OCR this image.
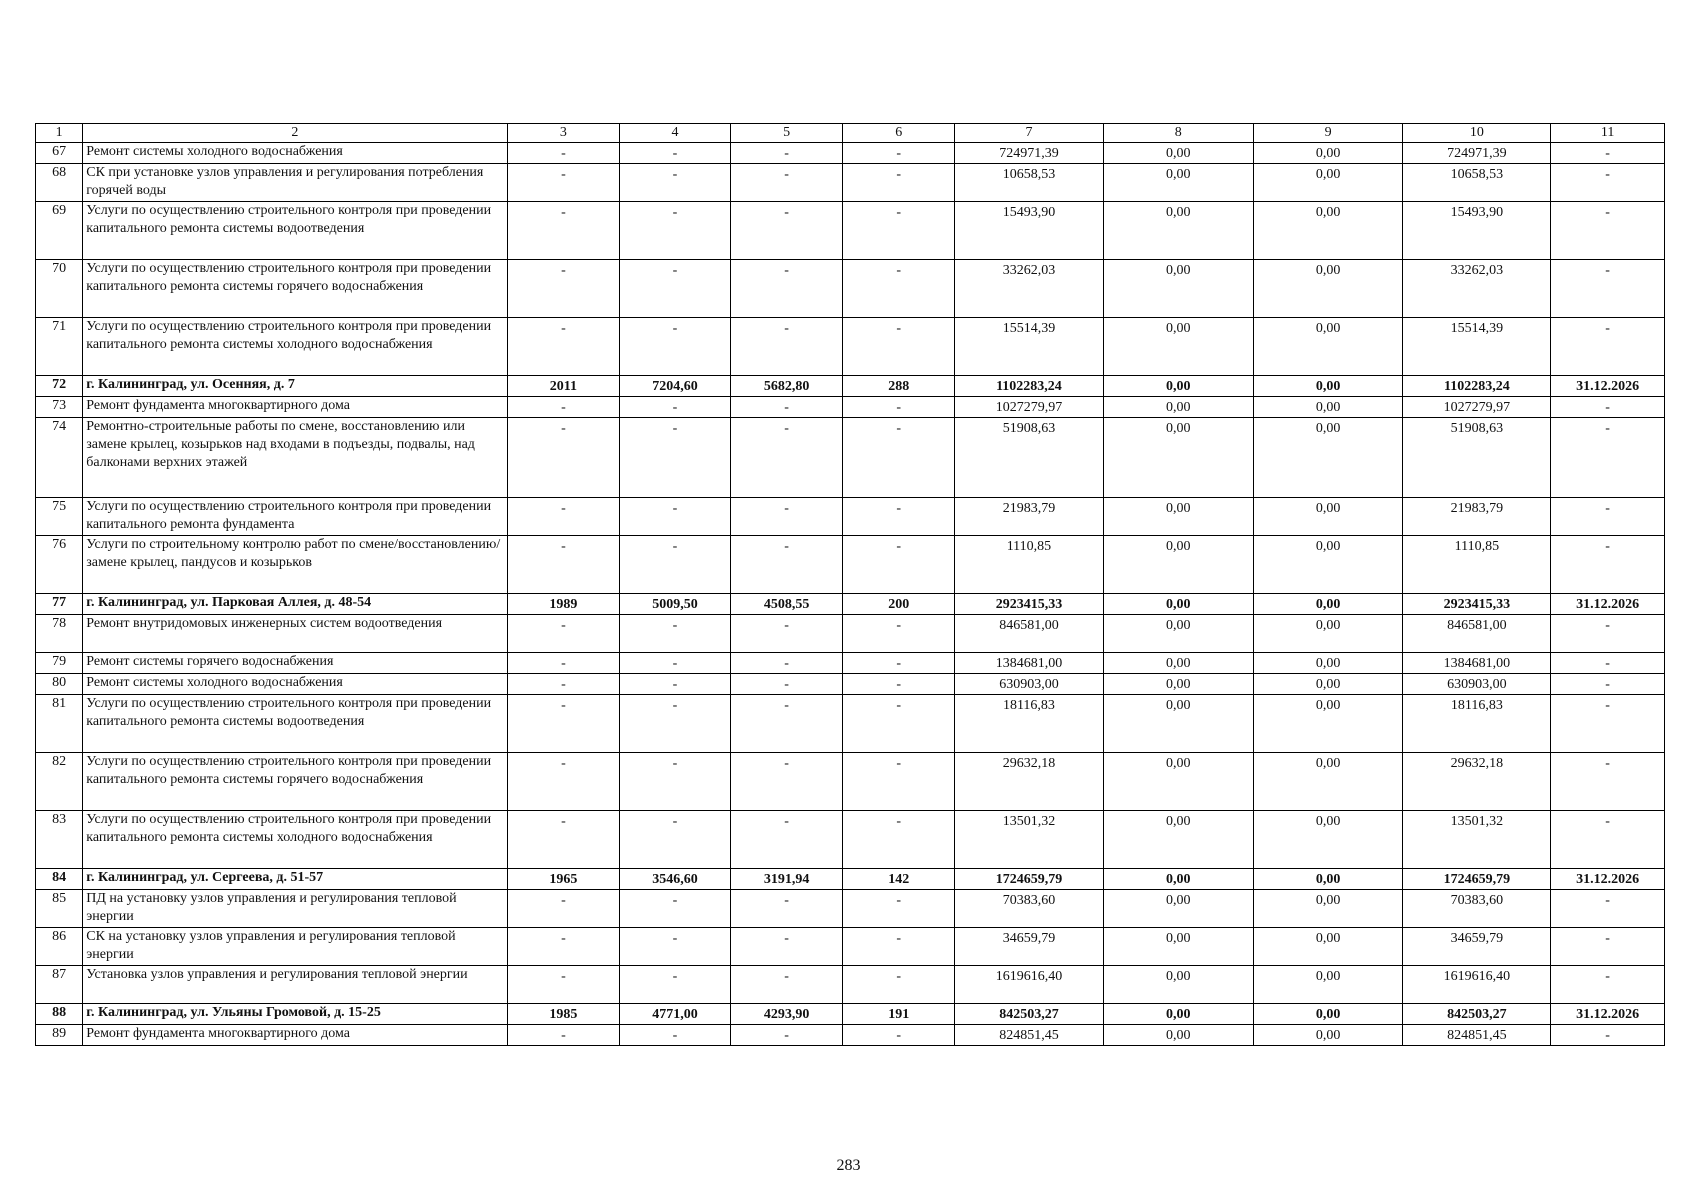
1	2	3	4	5	6	7	8	9	10	11
67	Ремонт системы холодного водоснабжения	-	-	-	-	724971,39	0,00	0,00	724971,39	-
68	СК при установке узлов управления и регулирования потребления горячей воды	-	-	-	-	10658,53	0,00	0,00	10658,53	-
69	Услуги по осуществлению строительного контроля при проведении капитального ремонта системы водоотведения	-	-	-	-	15493,90	0,00	0,00	15493,90	-
70	Услуги по осуществлению строительного контроля при проведении капитального ремонта системы горячего водоснабжения	-	-	-	-	33262,03	0,00	0,00	33262,03	-
71	Услуги по осуществлению строительного контроля при проведении капитального ремонта системы холодного водоснабжения	-	-	-	-	15514,39	0,00	0,00	15514,39	-
72	г. Калининград, ул. Осенняя, д. 7	2011	7204,60	5682,80	288	1102283,24	0,00	0,00	1102283,24	31.12.2026
73	Ремонт фундамента многоквартирного дома	-	-	-	-	1027279,97	0,00	0,00	1027279,97	-
74	Ремонтно-строительные работы по смене, восстановлению или замене крылец, козырьков над входами в подъезды, подвалы, над балконами верхних этажей	-	-	-	-	51908,63	0,00	0,00	51908,63	-
75	Услуги по осуществлению строительного контроля при проведении капитального ремонта фундамента	-	-	-	-	21983,79	0,00	0,00	21983,79	-
76	Услуги по строительному контролю работ по смене/восстановлению/замене крылец, пандусов и козырьков	-	-	-	-	1110,85	0,00	0,00	1110,85	-
77	г. Калининград, ул. Парковая Аллея, д. 48-54	1989	5009,50	4508,55	200	2923415,33	0,00	0,00	2923415,33	31.12.2026
78	Ремонт внутридомовых инженерных систем водоотведения	-	-	-	-	846581,00	0,00	0,00	846581,00	-
79	Ремонт системы горячего водоснабжения	-	-	-	-	1384681,00	0,00	0,00	1384681,00	-
80	Ремонт системы холодного водоснабжения	-	-	-	-	630903,00	0,00	0,00	630903,00	-
81	Услуги по осуществлению строительного контроля при проведении капитального ремонта системы водоотведения	-	-	-	-	18116,83	0,00	0,00	18116,83	-
82	Услуги по осуществлению строительного контроля при проведении капитального ремонта системы горячего водоснабжения	-	-	-	-	29632,18	0,00	0,00	29632,18	-
83	Услуги по осуществлению строительного контроля при проведении капитального ремонта системы холодного водоснабжения	-	-	-	-	13501,32	0,00	0,00	13501,32	-
84	г. Калининград, ул. Сергеева, д. 51-57	1965	3546,60	3191,94	142	1724659,79	0,00	0,00	1724659,79	31.12.2026
85	ПД на установку узлов управления и регулирования тепловой энергии	-	-	-	-	70383,60	0,00	0,00	70383,60	-
86	СК на установку узлов управления и регулирования тепловой энергии	-	-	-	-	34659,79	0,00	0,00	34659,79	-
87	Установка узлов управления и регулирования тепловой энергии	-	-	-	-	1619616,40	0,00	0,00	1619616,40	-
88	г. Калининград, ул. Ульяны Громовой, д. 15-25	1985	4771,00	4293,90	191	842503,27	0,00	0,00	842503,27	31.12.2026
89	Ремонт фундамента многоквартирного дома	-	-	-	-	824851,45	0,00	0,00	824851,45	-
283
